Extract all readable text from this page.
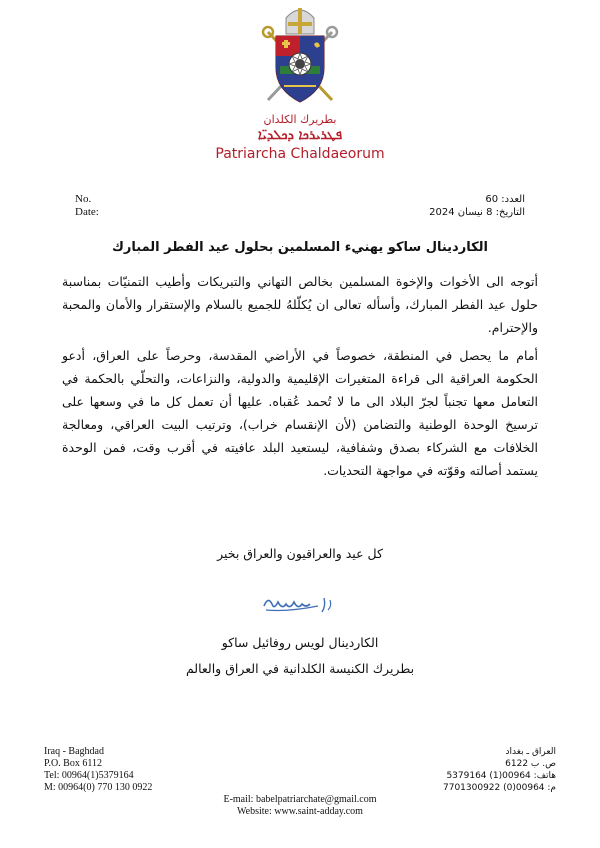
بطريرك الكلدان
ܦܛܪܝܪܟܐ ܕܟܠܕܝ̈ܐ
Patriarcha Chaldaeorum
No.
Date:
العدد: 60
التاريخ: 8 نيسان 2024
الكاردينال ساكو يهنيء المسلمين بحلول عيد الفطر المبارك
أتوجه الى الأخوات والإخوة المسلمين بخالص التهاني والتبريكات وأطيب التمنيّات بمناسبة حلول عيد الفطر المبارك، وأسأله تعالى ان يُكلّلهُ للجميع بالسلام والإستقرار والأمان والمحبة والإحترام.
أمام ما يحصل في المنطقة، خصوصاً في الأراضي المقدسة، وحرصاً على العراق، أدعو الحكومة العراقية الى قراءة المتغيرات الإقليمية والدولية، والنزاعات، والتحلّي بالحكمة في التعامل معها تجنباً لجرّ البلاد الى ما لا تُحمد عُقباه. عليها أن تعمل كل ما في وسعها على ترسيخ الوحدة الوطنية والتضامن (لأن الإنقسام خراب)، وترتيب البيت العراقي، ومعالجة الخلافات مع الشركاء بصدق وشفافية، ليستعيد البلد عافيته في أقرب وقت، فمن الوحدة يستمد أصالته وقوّته في مواجهة التحديات.
كل عيد والعراقيون والعراق بخير
الكاردينال لويس روفائيل ساكو
بطريرك الكنيسة الكلدانية في العراق والعالم
Iraq - Baghdad
P.O. Box 6112
Tel: 00964(1)5379164
M: 00964(0) 770 130 0922
العراق ـ بغداد
ص. ب 6122
هاتف: 00964(1) 5379164
م: 00964(0) 7701300922
E-mail: babelpatriarchate@gmail.com
Website: www.saint-adday.com
